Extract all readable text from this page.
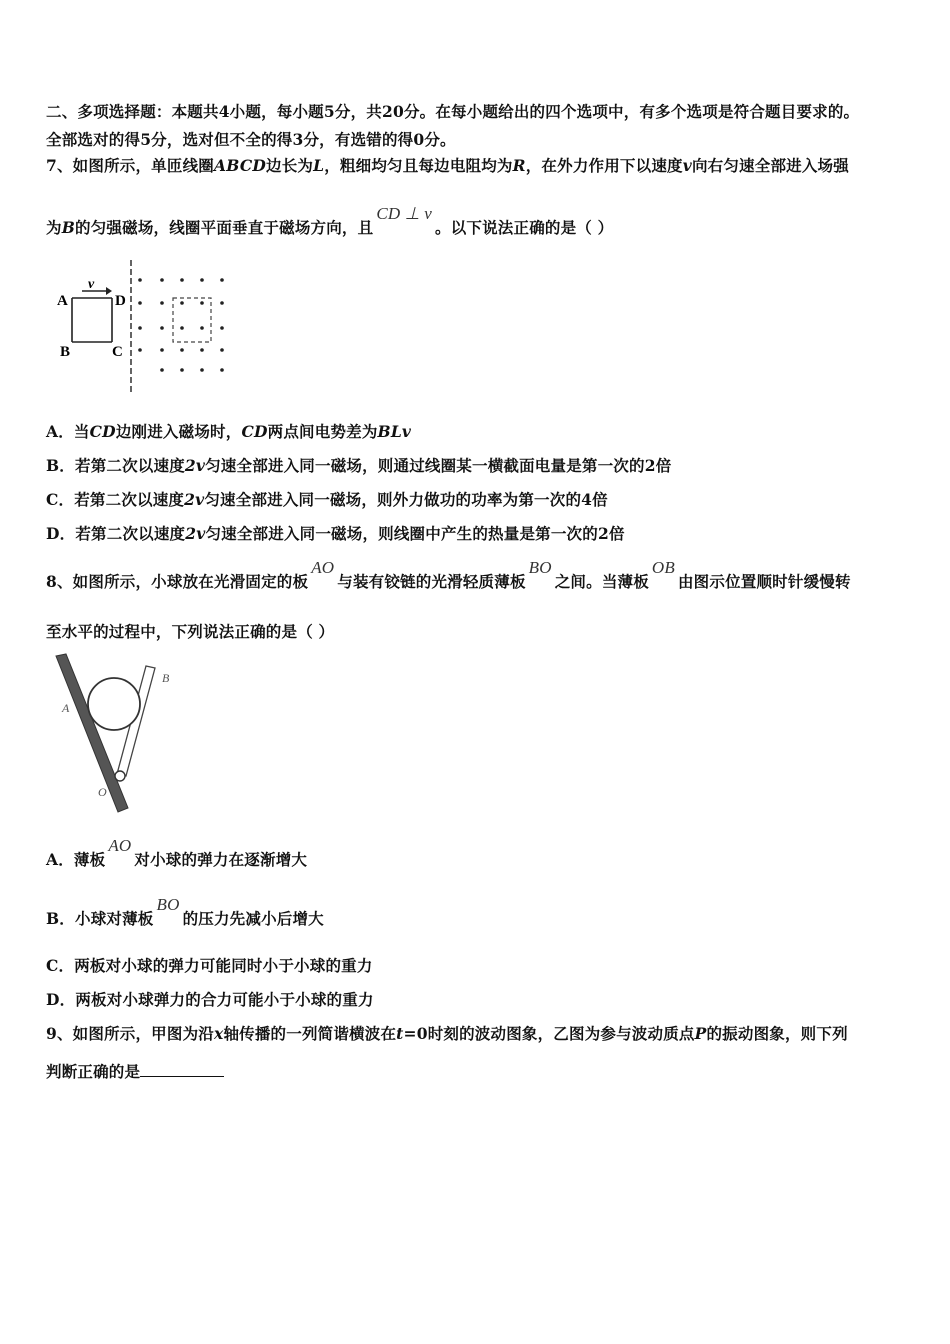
二、多项选择题：本题共4小题，每小题5分，共20分。在每小题给出的四个选项中，有多个选项是符合题目要求的。
全部选对的得5分，选对但不全的得3分，有选错的得0分。
7、如图所示，单匝线圈ABCD边长为L，粗细均匀且每边电阻均为R，在外力作用下以速度v向右匀速全部进入场强
为B的匀强磁场，线圈平面垂直于磁场方向，且CD ⊥ v。以下说法正确的是（ ）
A	D
B	C
v
A．当CD边刚进入磁场时，CD两点间电势差为BLv
B．若第二次以速度2v匀速全部进入同一磁场，则通过线圈某一横截面电量是第一次的2倍
C．若第二次以速度2v匀速全部进入同一磁场，则外力做功的功率为第一次的4倍
D．若第二次以速度2v匀速全部进入同一磁场，则线圈中产生的热量是第一次的2倍
8、如图所示，小球放在光滑固定的板AO与装有铰链的光滑轻质薄板BO之间。当薄板OB由图示位置顺时针缓慢转
至水平的过程中，下列说法正确的是（ ）
A
B
O
A．薄板AO对小球的弹力在逐渐增大
B．小球对薄板BO的压力先减小后增大
C．两板对小球的弹力可能同时小于小球的重力
D．两板对小球弹力的合力可能小于小球的重力
9、如图所示，甲图为沿x轴传播的一列简谐横波在t=0时刻的波动图象，乙图为参与波动质点P的振动图象，则下列
判断正确的是
